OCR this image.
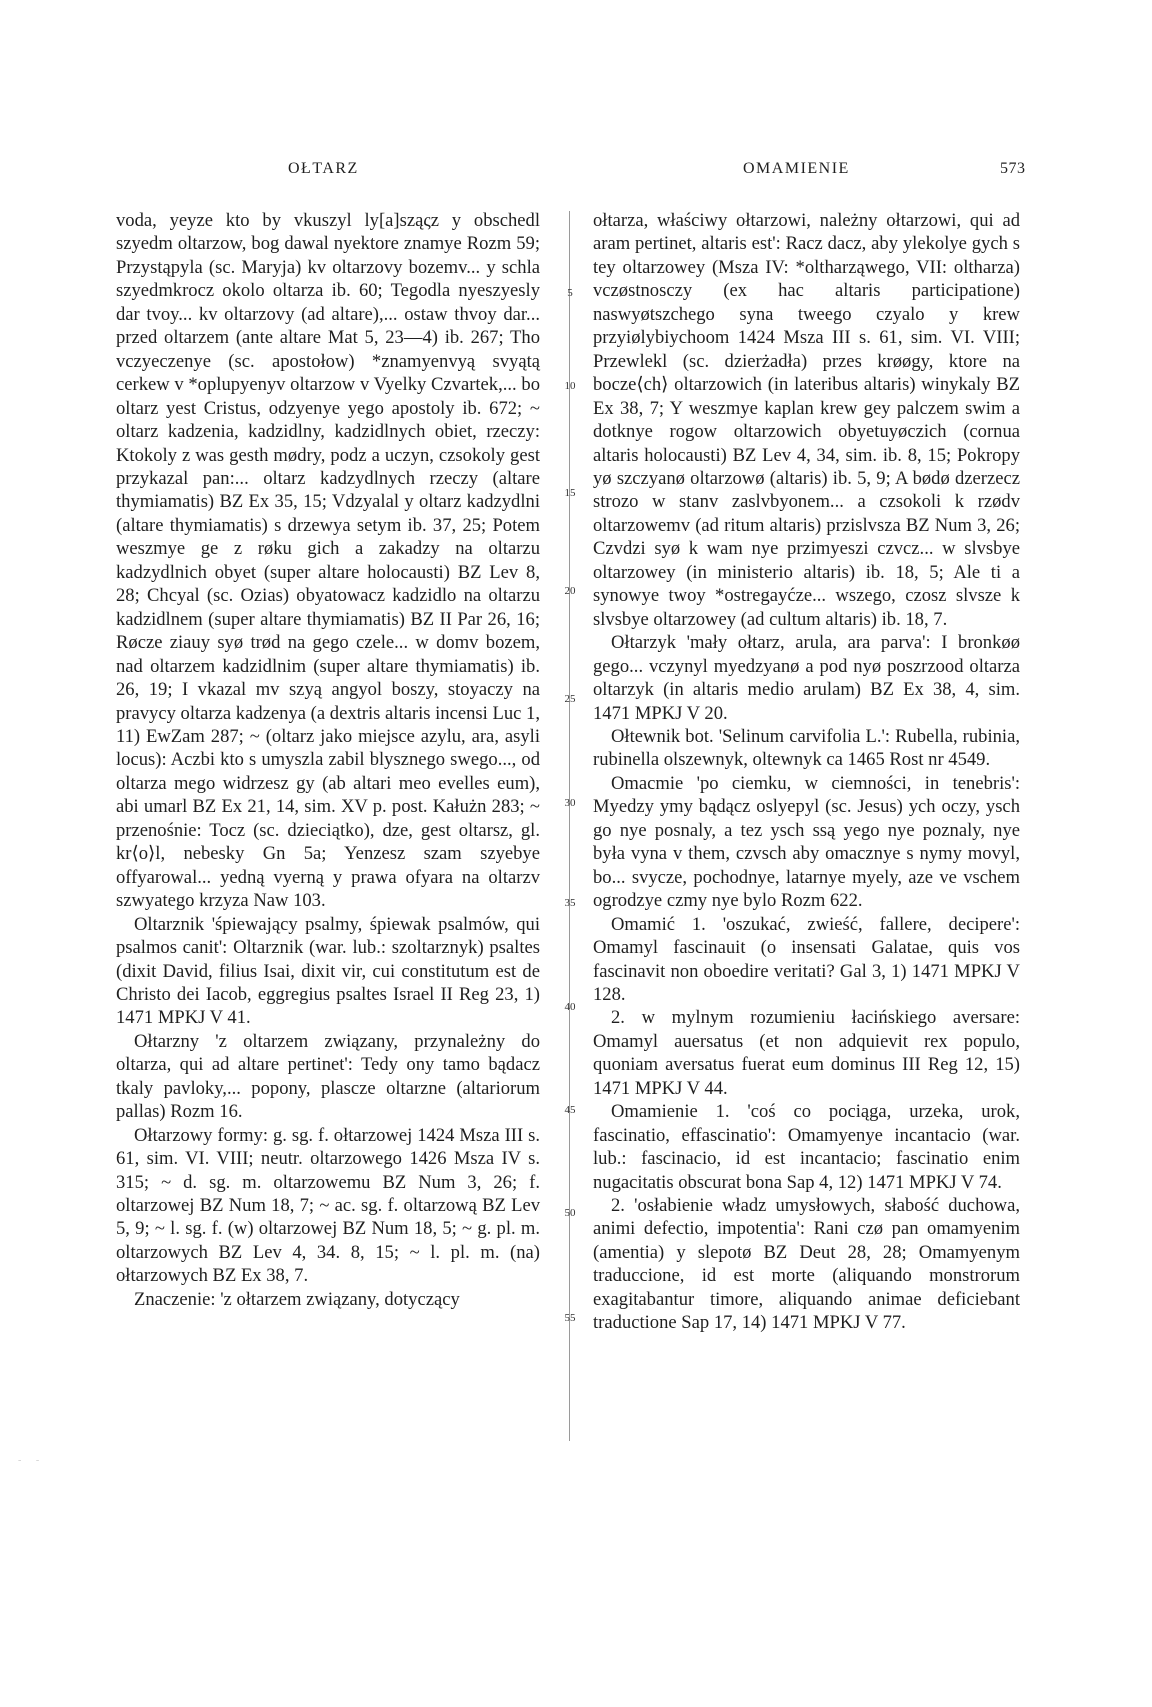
OŁTARZ	OMAMIENIE	573

voda, yeyze kto by vkuszyl ly[a]sząςz y obschedl szyedm oltarzow, bog dawal nyektore znamye Rozm 59; Przystąpyla (sc. Maryja) kv oltarzovy bozemv... y schla szyedmkrocz okolo oltarza ib. 60; Tegodla nyeszyesly dar tvoy... kv oltarzovy (ad altare),... ostaw thvoy dar... przed oltarzem (ante altare Mat 5, 23—4) ib. 267; Tho vczyeczenye (sc. apostołow) *znamyenvyą svyątą cerkew v *oplupyenyv oltarzow v Vyelky Czvartek,... bo oltarz yest Cristus, odzyenye yego apostoly ib. 672; ~ oltarz kadzenia, kadzidlny, kadzidlnych obiet, rzeczy: Ktokoly z was gesth mødry, podz a uczyn, czsokoly gest przykazal pan:... oltarz kadzydlnych rzeczy (altare thymiamatis) BZ Ex 35, 15; Vdzyalal y oltarz kadzydlni (altare thymiamatis) s drzewya setym ib. 37, 25; Potem weszmye ge z røku gich a zakadzy na oltarzu kadzydlnich obyet (super altare holocausti) BZ Lev 8, 28; Chcyal (sc. Ozias) obyatowacz kadzidlo na oltarzu kadzidlnem (super altare thymiamatis) BZ II Par 26, 16; Røcze ziauy syø trød na gego czele... w domv bozem, nad oltarzem kadzidlnim (super altare thymiamatis) ib. 26, 19; I vkazal mv szyą angyol boszy, stoyaczy na pravycy oltarza kadzenya (a dextris altaris incensi Luc 1, 11) EwZam 287; ~ (oltarz jako miejsce azylu, ara, asyli locus): Aczbi kto s umyszla zabil blysznego swego..., od oltarza mego widrzesz gy (ab altari meo evelles eum), abi umarl BZ Ex 21, 14, sim. XV p. post. Kałużn 283; ~ przenośnie: Tocz (sc. dzieciątko), dze, gest oltarsz, gl. kr⟨o⟩l, nebesky Gn 5a; Yenzesz szam szyebye offyarowal... yedną vyerną y prawa ofyara na oltarzv szwyatego krzyza Naw 103.

Oltarznik 'śpiewający psalmy, śpiewak psalmów, qui psalmos canit': Oltarznik (war. lub.: szoltarznyk) psaltes (dixit David, filius Isai, dixit vir, cui constitutum est de Christo dei Iacob, eggregius psaltes Israel II Reg 23, 1) 1471 MPKJ V 41.

Ołtarzny 'z oltarzem związany, przynależny do oltarza, qui ad altare pertinet': Tedy ony tamo bądacz tkaly pavloky,... popony, plascze oltarzne (altariorum pallas) Rozm 16.

Ołtarzowy formy: g. sg. f. ołtarzowej 1424 Msza III s. 61, sim. VI. VIII; neutr. oltarzowego 1426 Msza IV s. 315; ~ d. sg. m. oltarzowemu BZ Num 3, 26; f. oltarzowej BZ Num 18, 7; ~ ac. sg. f. oltarzową BZ Lev 5, 9; ~ l. sg. f. (w) oltarzowej BZ Num 18, 5; ~ g. pl. m. oltarzowych BZ Lev 4, 34. 8, 15; ~ l. pl. m. (na) ołtarzowych BZ Ex 38, 7.

Znaczenie: 'z ołtarzem związany, dotyczący

5
10
15
20
25
30
35
40
45
50
55

ołtarza, właściwy ołtarzowi, należny ołtarzowi, qui ad aram pertinet, altaris est': Racz dacz, aby ylekolye gych s tey oltarzowey (Msza IV: *oltharząwego, VII: oltharza) vczøstnosczy (ex hac altaris participatione) naswyøtszchego syna tweego czyalo y krew przyiølybiychoom 1424 Msza III s. 61, sim. VI. VIII; Przewlekl (sc. dzierżadła) przes krøøgy, ktore na bocze⟨ch⟩ oltarzowich (in lateribus altaris) winykaly BZ Ex 38, 7; Y weszmye kaplan krew gey palczem swim a dotknye rogow oltarzowich obyetuyøczich (cornua altaris holocausti) BZ Lev 4, 34, sim. ib. 8, 15; Pokropy yø szczyanø oltarzowø (altaris) ib. 5, 9; A bødø dzerzecz strozo w stanv zaslvbyonem... a czsokoli k rzødv oltarzowemv (ad ritum altaris) przislvsza BZ Num 3, 26; Czvdzi syø k wam nye przimyeszi czvcz... w slvsbye oltarzowey (in ministerio altaris) ib. 18, 5; Ale ti a synowye twoy *ostregayćze... wszego, czosz slvsze k slvsbye oltarzowey (ad cultum altaris) ib. 18, 7.

Ołtarzyk 'mały ołtarz, arula, ara parva': I bronkøø gego... vczynyl myedzyanø a pod nyø poszrzood oltarza oltarzyk (in altaris medio arulam) BZ Ex 38, 4, sim. 1471 MPKJ V 20.

Ołtewnik bot. 'Selinum carvifolia L.': Rubella, rubinia, rubinella olszewnyk, oltewnyk ca 1465 Rost nr 4549.

Omacmie 'po ciemku, w ciemności, in tenebris': Myedzy ymy bądącz oslyepyl (sc. Jesus) ych oczy, ysch go nye posnaly, a tez ysch ssą yego nye poznaly, nye była vyna v them, czvsch aby omacznye s nymy movyl, bo... svycze, pochodnye, latarnye myely, aze ve vschem ogrodzye czmy nye bylo Rozm 622.

Omamić 1. 'oszukać, zwieść, fallere, decipere': Omamyl fascinauit (o insensati Galatae, quis vos fascinavit non oboedire veritati? Gal 3, 1) 1471 MPKJ V 128.

2. w mylnym rozumieniu łacińskiego aversare: Omamyl auersatus (et non adquievit rex populo, quoniam aversatus fuerat eum dominus III Reg 12, 15) 1471 MPKJ V 44.

Omamienie 1. 'coś co pociąga, urzeka, urok, fascinatio, effascinatio': Omamyenye incantacio (war. lub.: fascinacio, id est incantacio; fascinatio enim nugacitatis obscurat bona Sap 4, 12) 1471 MPKJ V 74.

2. 'osłabienie władz umysłowych, słabość duchowa, animi defectio, impotentia': Rani czø pan omamyenim (amentia) y slepotø BZ Deut 28, 28; Omamyenym traduccione, id est morte (aliquando monstrorum exagitabantur timore, aliquando animae deficiebant traductione Sap 17, 14) 1471 MPKJ V 77.

- -
